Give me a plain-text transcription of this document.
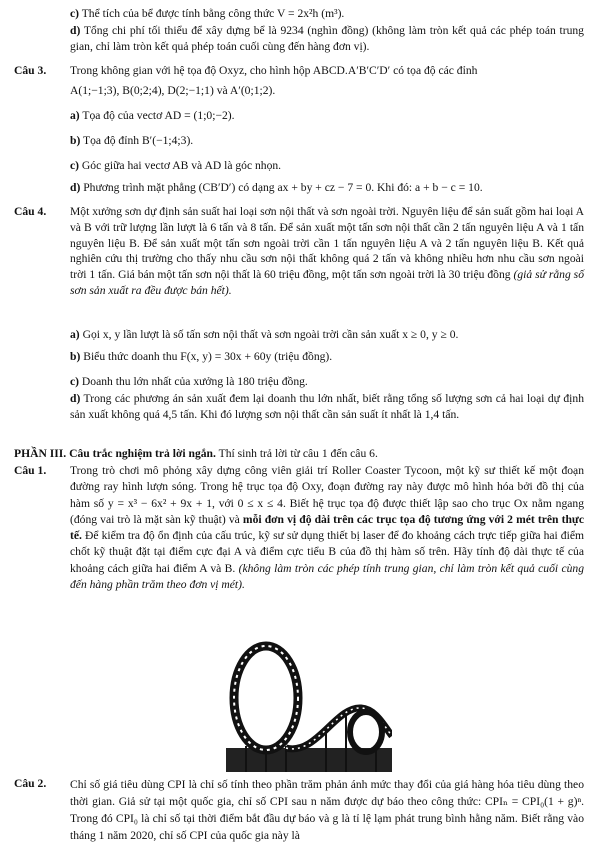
c) Thể tích của bể được tính bằng công thức V = 2x²h (m³).

d) Tổng chi phí tối thiểu để xây dựng bể là 9234 (nghìn đồng) (không làm tròn kết quả các phép toán trung gian, chỉ làm tròn kết quả phép toán cuối cùng đến hàng đơn vị).

Câu 3. Trong không gian với hệ tọa độ Oxyz, cho hình hộp ABCD.A′B′C′D′ có tọa độ các đỉnh

A(1;−1;3), B(0;2;4), D(2;−1;1) và A′(0;1;2).

a) Tọa độ của vectơ AD = (1;0;−2).

b) Tọa độ đỉnh B′(−1;4;3).

c) Góc giữa hai vectơ AB và AD là góc nhọn.

d) Phương trình mặt phẳng (CB′D′) có dạng ax + by + cz − 7 = 0. Khi đó: a + b − c = 10.

Câu 4. Một xưởng sơn dự định sản suất hai loại sơn nội thất và sơn ngoài trời. Nguyên liệu để sản suất gồm hai loại A và B với trữ lượng lần lượt là 6 tấn và 8 tấn. Để sản xuất một tấn sơn nội thất cần 2 tấn nguyên liệu A và 1 tấn nguyên liệu B. Để sản xuất một tấn sơn ngoài trời cần 1 tấn nguyên liệu A và 2 tấn nguyên liệu B. Kết quả nghiên cứu thị trường cho thấy nhu cầu sơn nội thất không quá 2 tấn và không nhiều hơn nhu cầu sơn ngoài trời 1 tấn. Giá bán một tấn sơn nội thất là 60 triệu đồng, một tấn sơn ngoài trời là 30 triệu đồng (giả sử rằng số sơn sản xuất ra đều được bán hết).

a) Gọi x, y lần lượt là số tấn sơn nội thất và sơn ngoài trời cần sản xuất x ≥ 0, y ≥ 0.

b) Biểu thức doanh thu F(x, y) = 30x + 60y (triệu đồng).

c) Doanh thu lớn nhất của xưởng là 180 triệu đồng.

d) Trong các phương án sản xuất đem lại doanh thu lớn nhất, biết rằng tổng số lượng sơn cả hai loại dự định sản xuất không quá 4,5 tấn. Khi đó lượng sơn nội thất cần sản suất ít nhất là 1,4 tấn.

PHẦN III. Câu trắc nghiệm trả lời ngắn. Thí sinh trả lời từ câu 1 đến câu 6.

Câu 1. Trong trò chơi mô phỏng xây dựng công viên giải trí Roller Coaster Tycoon, một kỹ sư thiết kế một đoạn đường ray hình lượn sóng. Trong hệ trục tọa độ Oxy, đoạn đường ray này được mô hình hóa bởi đồ thị của hàm số y = x³ − 6x² + 9x + 1, với 0 ≤ x ≤ 4. Biết hệ trục tọa độ được thiết lập sao cho trục Ox nằm ngang (đóng vai trò là mặt sàn kỹ thuật) và mỗi đơn vị độ dài trên các trục tọa độ tương ứng với 2 mét trên thực tế. Để kiểm tra độ ổn định của cấu trúc, kỹ sư sử dụng thiết bị laser để đo khoảng cách trực tiếp giữa hai điểm chốt kỹ thuật đặt tại điểm cực đại A và điểm cực tiểu B của đồ thị hàm số trên. Hãy tính độ dài thực tế của khoảng cách giữa hai điểm A và B. (không làm tròn các phép tính trung gian, chỉ làm tròn kết quả cuối cùng đến hàng phần trăm theo đơn vị mét).

Câu 2. Chỉ số giá tiêu dùng CPI là chỉ số tính theo phần trăm phản ánh mức thay đổi của giá hàng hóa tiêu dùng theo thời gian. Giả sử tại một quốc gia, chỉ số CPI sau n năm được dự báo theo công thức: CPIₙ = CPI₀(1 + g)ⁿ. Trong đó CPI₀ là chỉ số tại thời điểm bắt đầu dự báo và g là tỉ lệ lạm phát trung bình hằng năm. Biết rằng vào tháng 1 năm 2020, chỉ số CPI của quốc gia này là
